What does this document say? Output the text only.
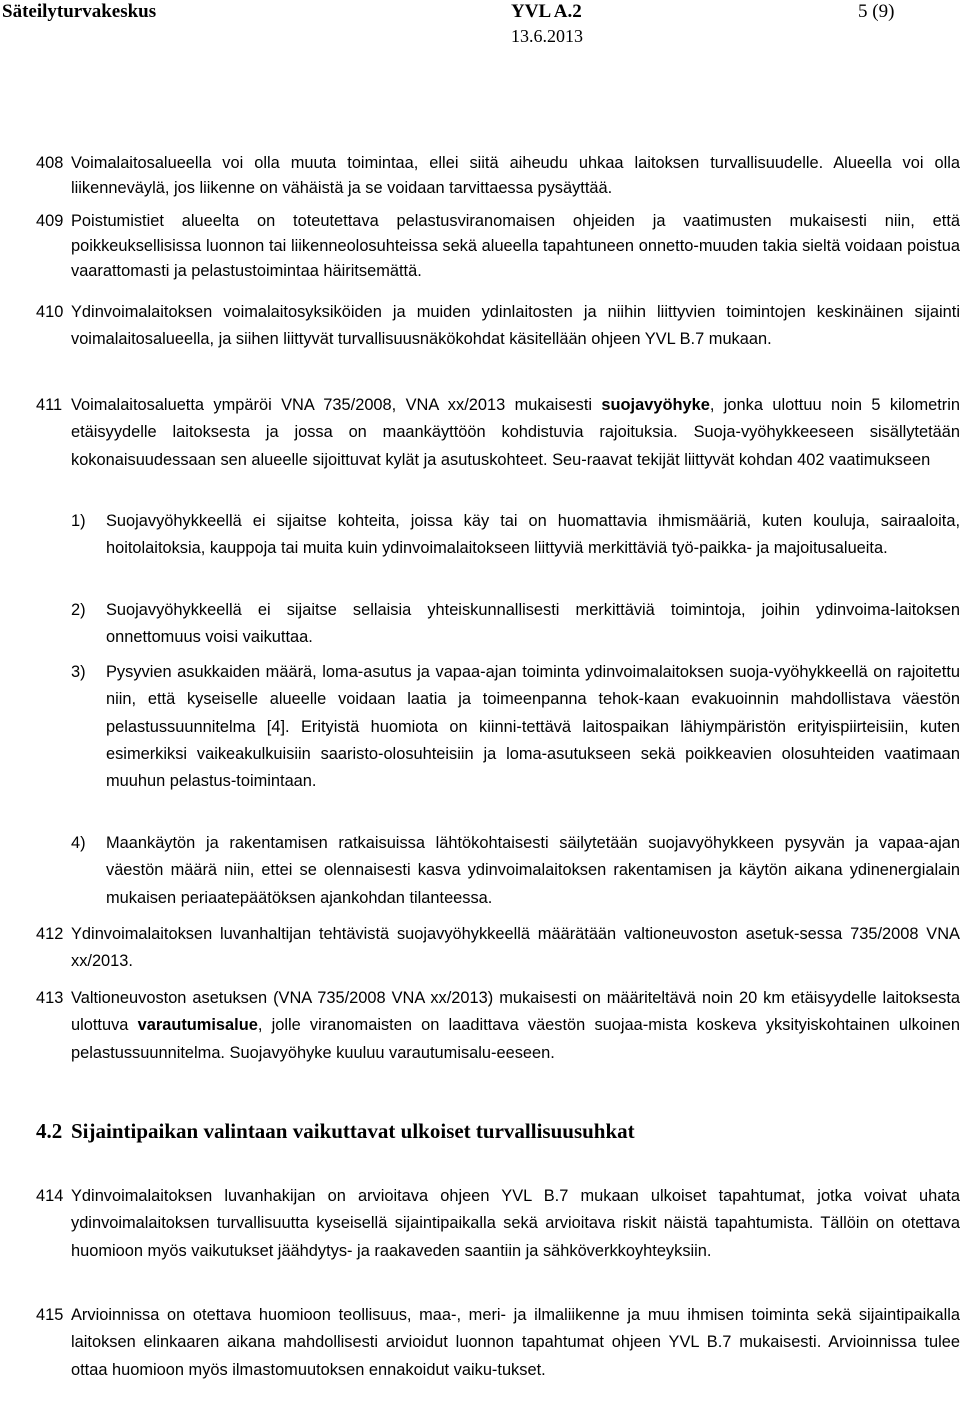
Säteilyturvakeskus	YVL A.2	5 (9)
13.6.2013
408 Voimalaitosalueella voi olla muuta toimintaa, ellei siitä aiheudu uhkaa laitoksen turvallisuudelle. Alueella voi olla liikenneväylä, jos liikenne on vähäistä ja se voidaan tarvittaessa pysäyttää.
409 Poistumistiet alueelta on toteutettava pelastusviranomaisen ohjeiden ja vaatimusten mukaisesti niin, että poikkeuksellisissa luonnon tai liikenneolosuhteissa sekä alueella tapahtuneen onnetto-muuden takia sieltä voidaan poistua vaarattomasti ja pelastustoimintaa häiritsemättä.
410 Ydinvoimalaitoksen voimalaitosyksiköiden ja muiden ydinlaitosten ja niihin liittyvien toimintojen keskinäinen sijainti voimalaitosalueella, ja siihen liittyvät turvallisuusnäkökohdat käsitellään ohjeen YVL B.7 mukaan.
411 Voimalaitosaluetta ympäröi VNA 735/2008, VNA xx/2013 mukaisesti suojavyöhyke, jonka ulottuu noin 5 kilometrin etäisyydelle laitoksesta ja jossa on maankäyttöön kohdistuvia rajoituksia. Suoja-vyöhykkeeseen sisällytetään kokonaisuudessaan sen alueelle sijoittuvat kylät ja asutuskohteet. Seu-raavat tekijät liittyvät kohdan 402 vaatimukseen
1) Suojavyöhykkeellä ei sijaitse kohteita, joissa käy tai on huomattavia ihmismääriä, kuten kouluja, sairaaloita, hoitolaitoksia, kauppoja tai muita kuin ydinvoimalaitokseen liittyviä merkittäviä työ-paikka- ja majoitusalueita.
2) Suojavyöhykkeellä ei sijaitse sellaisia yhteiskunnallisesti merkittäviä toimintoja, joihin ydinvoima-laitoksen onnettomuus voisi vaikuttaa.
3) Pysyvien asukkaiden määrä, loma-asutus ja vapaa-ajan toiminta ydinvoimalaitoksen suoja-vyöhykkeellä on rajoitettu niin, että kyseiselle alueelle voidaan laatia ja toimeenpanna tehok-kaan evakuoinnin mahdollistava väestön pelastussuunnitelma [4]. Erityistä huomiota on kiinni-tettävä laitospaikan lähiympäristön erityispiirteisiin, kuten esimerkiksi vaikeakulkuisiin saaristo-olosuhteisiin ja loma-asutukseen sekä poikkeavien olosuhteiden vaatimaan muuhun pelastus-toimintaan.
4) Maankäytön ja rakentamisen ratkaisuissa lähtökohtaisesti säilytetään suojavyöhykkeen pysyvän ja vapaa-ajan väestön määrä niin, ettei se olennaisesti kasva ydinvoimalaitoksen rakentamisen ja käytön aikana ydinenergialain mukaisen periaatepäätöksen ajankohdan tilanteessa.
412 Ydinvoimalaitoksen luvanhaltijan tehtävistä suojavyöhykkeellä määrätään valtioneuvoston asetuk-sessa 735/2008 VNA xx/2013.
413 Valtioneuvoston asetuksen (VNA 735/2008 VNA xx/2013) mukaisesti on määriteltävä noin 20 km etäisyydelle laitoksesta ulottuva varautumisalue, jolle viranomaisten on laadittava väestön suojaa-mista koskeva yksityiskohtainen ulkoinen pelastussuunnitelma. Suojavyöhyke kuuluu varautumisalu-eeseen.
4.2 Sijaintipaikan valintaan vaikuttavat ulkoiset turvallisuusuhkat
414 Ydinvoimalaitoksen luvanhakijan on arvioitava ohjeen YVL B.7 mukaan ulkoiset tapahtumat, jotka voivat uhata ydinvoimalaitoksen turvallisuutta kyseisellä sijaintipaikalla sekä arvioitava riskit näistä tapahtumista. Tällöin on otettava huomioon myös vaikutukset jäähdytys- ja raakaveden saantiin ja sähköverkkoyhteyksiin.
415 Arvioinnissa on otettava huomioon teollisuus, maa-, meri- ja ilmaliikenne ja muu ihmisen toiminta sekä sijaintipaikalla laitoksen elinkaaren aikana mahdollisesti arvioidut luonnon tapahtumat ohjeen YVL B.7 mukaisesti. Arvioinnissa tulee ottaa huomioon myös ilmastomuutoksen ennakoidut vaiku-tukset.
